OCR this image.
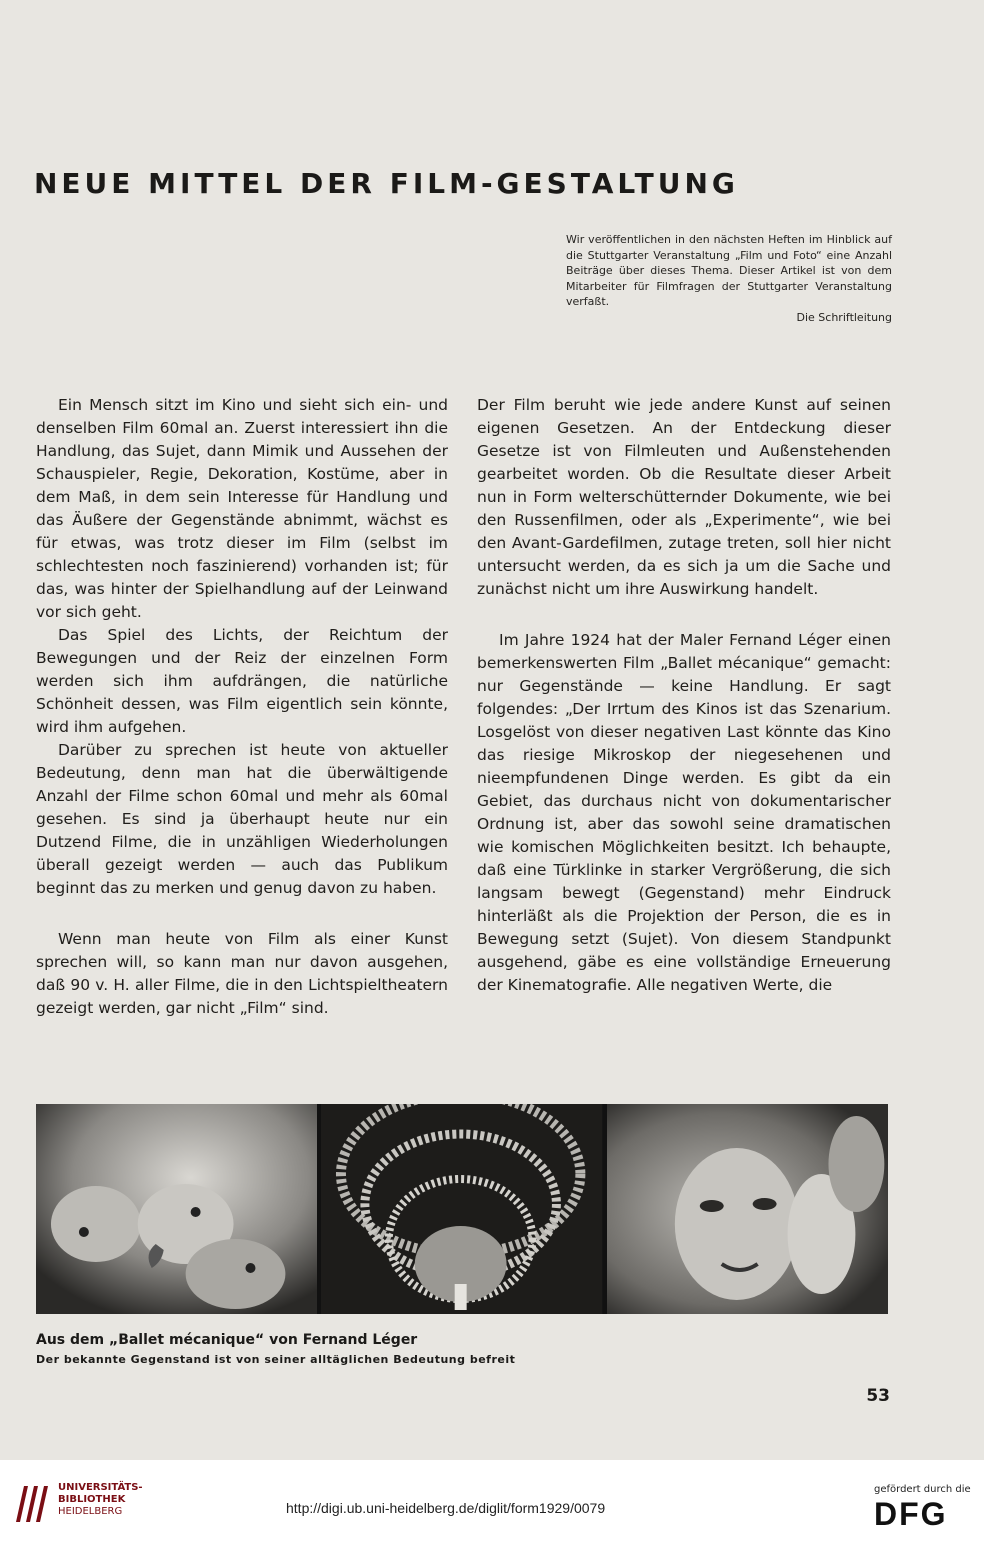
NEUE MITTEL DER FILM-GESTALTUNG
Wir veröffentlichen in den nächsten Heften im Hinblick auf die Stuttgarter Veranstaltung „Film und Foto“ eine Anzahl Beiträge über dieses Thema. Dieser Artikel ist von dem Mitarbeiter für Filmfragen der Stuttgarter Veranstaltung verfaßt.
Die Schriftleitung

Ein Mensch sitzt im Kino und sieht sich ein- und denselben Film 60mal an. Zuerst interessiert ihn die Handlung, das Sujet, dann Mimik und Aussehen der Schauspieler, Regie, Dekoration, Kostüme, aber in dem Maß, in dem sein Interesse für Handlung und das Äußere der Gegenstände abnimmt, wächst es für etwas, was trotz dieser im Film (selbst im schlechtesten noch faszinierend) vorhanden ist; für das, was hinter der Spielhandlung auf der Leinwand vor sich geht.

Das Spiel des Lichts, der Reichtum der Bewegungen und der Reiz der einzelnen Form werden sich ihm aufdrängen, die natürliche Schönheit dessen, was Film eigentlich sein könnte, wird ihm aufgehen.

Darüber zu sprechen ist heute von aktueller Bedeutung, denn man hat die überwältigende Anzahl der Filme schon 60mal und mehr als 60mal gesehen. Es sind ja überhaupt heute nur ein Dutzend Filme, die in unzähligen Wiederholungen überall gezeigt werden — auch das Publikum beginnt das zu merken und genug davon zu haben.

Wenn man heute von Film als einer Kunst sprechen will, so kann man nur davon ausgehen, daß 90 v. H. aller Filme, die in den Lichtspieltheatern gezeigt werden, gar nicht „Film“ sind.

Der Film beruht wie jede andere Kunst auf seinen eigenen Gesetzen. An der Entdeckung dieser Gesetze ist von Filmleuten und Außenstehenden gearbeitet worden. Ob die Resultate dieser Arbeit nun in Form welterschütternder Dokumente, wie bei den Russenfilmen, oder als „Experimente“, wie bei den Avant-Gardefilmen, zutage treten, soll hier nicht untersucht werden, da es sich ja um die Sache und zunächst nicht um ihre Auswirkung handelt.

Im Jahre 1924 hat der Maler Fernand Léger einen bemerkenswerten Film „Ballet mécanique“ gemacht: nur Gegenstände — keine Handlung. Er sagt folgendes: „Der Irrtum des Kinos ist das Szenarium. Losgelöst von dieser negativen Last könnte das Kino das riesige Mikroskop der niegesehenen und nieempfundenen Dinge werden. Es gibt da ein Gebiet, das durchaus nicht von dokumentarischer Ordnung ist, aber das sowohl seine dramatischen wie komischen Möglichkeiten besitzt. Ich behaupte, daß eine Türklinke in starker Vergrößerung, die sich langsam bewegt (Gegenstand) mehr Eindruck hinterläßt als die Projektion der Person, die es in Bewegung setzt (Sujet). Von diesem Standpunkt ausgehend, gäbe es eine vollständige Erneuerung der Kinematografie. Alle negativen Werte, die

Aus dem „Ballet mécanique“ von Fernand Léger
Der bekannte Gegenstand ist von seiner alltäglichen Bedeutung befreit
53
UNIVERSITÄTS-
BIBLIOTHEK
HEIDELBERG	http://digi.ub.uni-heidelberg.de/diglit/form1929/0079
gefördert durch die
DFG
